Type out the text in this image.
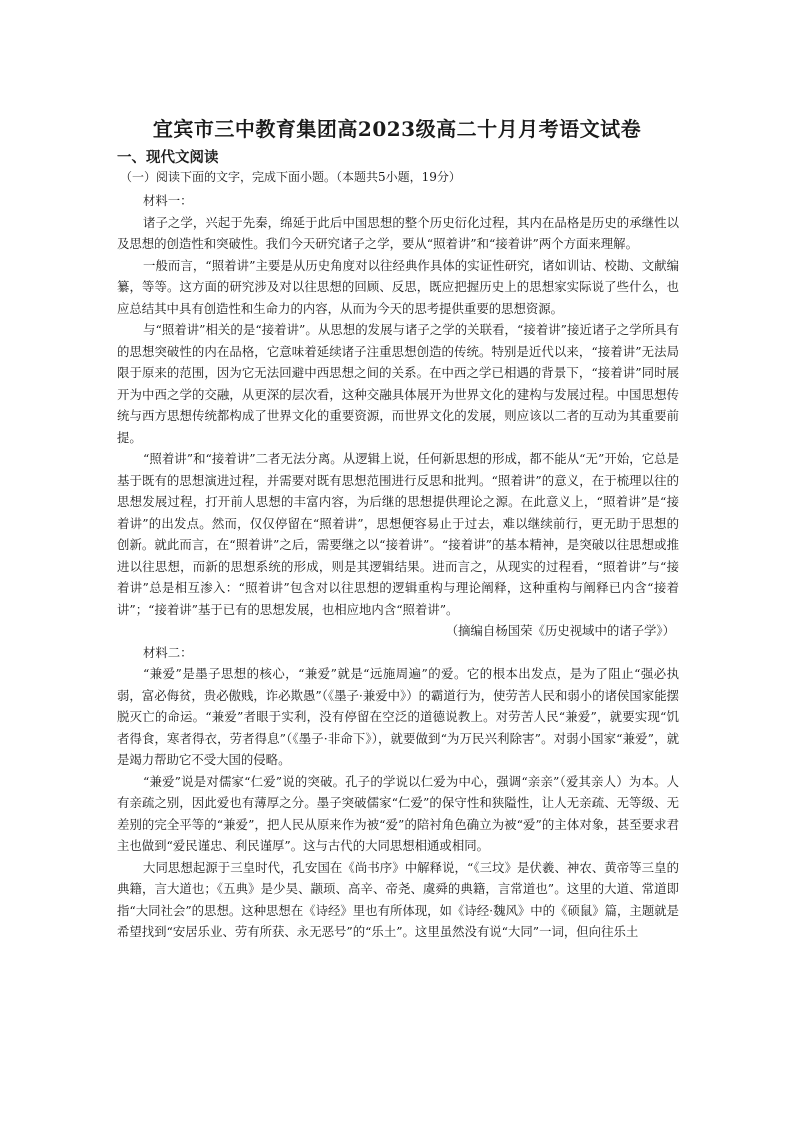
宜宾市三中教育集团高2023级高二十月月考语文试卷
一、现代文阅读
（一）阅读下面的文字，完成下面小题。（本题共5小题，19分）

材料一：

诸子之学，兴起于先秦，绵延于此后中国思想的整个历史衍化过程，其内在品格是历史的承继性以及思想的创造性和突破性。我们今天研究诸子之学，要从“照着讲”和“接着讲”两个方面来理解。

一般而言，“照着讲”主要是从历史角度对以往经典作具体的实证性研究，诸如训诂、校勘、文献编纂，等等。这方面的研究涉及对以往思想的回顾、反思，既应把握历史上的思想家实际说了些什么，也应总结其中具有创造性和生命力的内容，从而为今天的思考提供重要的思想资源。

与“照着讲”相关的是“接着讲”。从思想的发展与诸子之学的关联看，“接着讲”接近诸子之学所具有的思想突破性的内在品格，它意味着延续诸子注重思想创造的传统。特别是近代以来，“接着讲”无法局限于原来的范围，因为它无法回避中西思想之间的关系。在中西之学已相遇的背景下，“接着讲”同时展开为中西之学的交融，从更深的层次看，这种交融具体展开为世界文化的建构与发展过程。中国思想传统与西方思想传统都构成了世界文化的重要资源，而世界文化的发展，则应该以二者的互动为其重要前提。

“照着讲”和“接着讲”二者无法分离。从逻辑上说，任何新思想的形成，都不能从“无”开始，它总是基于既有的思想演进过程，并需要对既有思想范围进行反思和批判。“照着讲”的意义，在于梳理以往的思想发展过程，打开前人思想的丰富内容，为后继的思想提供理论之源。在此意义上，“照着讲”是“接着讲”的出发点。然而，仅仅停留在“照着讲”，思想便容易止于过去，难以继续前行，更无助于思想的创新。就此而言，在“照着讲”之后，需要继之以“接着讲”。“接着讲”的基本精神，是突破以往思想或推进以往思想，而新的思想系统的形成，则是其逻辑结果。进而言之，从现实的过程看，“照着讲”与“接着讲”总是相互渗入：“照着讲”包含对以往思想的逻辑重构与理论阐释，这种重构与阐释已内含“接着讲”；“接着讲”基于已有的思想发展，也相应地内含“照着讲”。

（摘编自杨国荣《历史视域中的诸子学》）

材料二：

“兼爱”是墨子思想的核心，“兼爱”就是“远施周遍”的爱。它的根本出发点，是为了阻止“强必执弱，富必侮贫，贵必傲贱，诈必欺愚”（《墨子·兼爱中》）的霸道行为，使劳苦人民和弱小的诸侯国家能摆脱灭亡的命运。“兼爱”者眼于实利，没有停留在空泛的道德说教上。对劳苦人民“兼爱”，就要实现“饥者得食，寒者得衣，劳者得息”（《墨子·非命下》），就要做到“为万民兴利除害”。对弱小国家“兼爱”，就是竭力帮助它不受大国的侵略。

“兼爱”说是对儒家“仁爱”说的突破。孔子的学说以仁爱为中心，强调“亲亲”（爱其亲人）为本。人有亲疏之别，因此爱也有薄厚之分。墨子突破儒家“仁爱”的保守性和狭隘性，让人无亲疏、无等级、无差别的完全平等的“兼爱”，把人民从原来作为被“爱”的陪衬角色确立为被“爱”的主体对象，甚至要求君主也做到“爱民谨忠、利民谨厚”。这与古代的大同思想相通或相同。

大同思想起源于三皇时代，孔安国在《尚书序》中解释说，“《三坟》是伏羲、神农、黄帝等三皇的典籍，言大道也；《五典》是少昊、颛顼、高辛、帝尧、虞舜的典籍，言常道也”。这里的大道、常道即指“大同社会”的思想。这种思想在《诗经》里也有所体现，如《诗经·魏风》中的《硕鼠》篇，主题就是希望找到“安居乐业、劳有所获、永无恶号”的“乐土”。这里虽然没有说“大同”一词，但向往乐土
